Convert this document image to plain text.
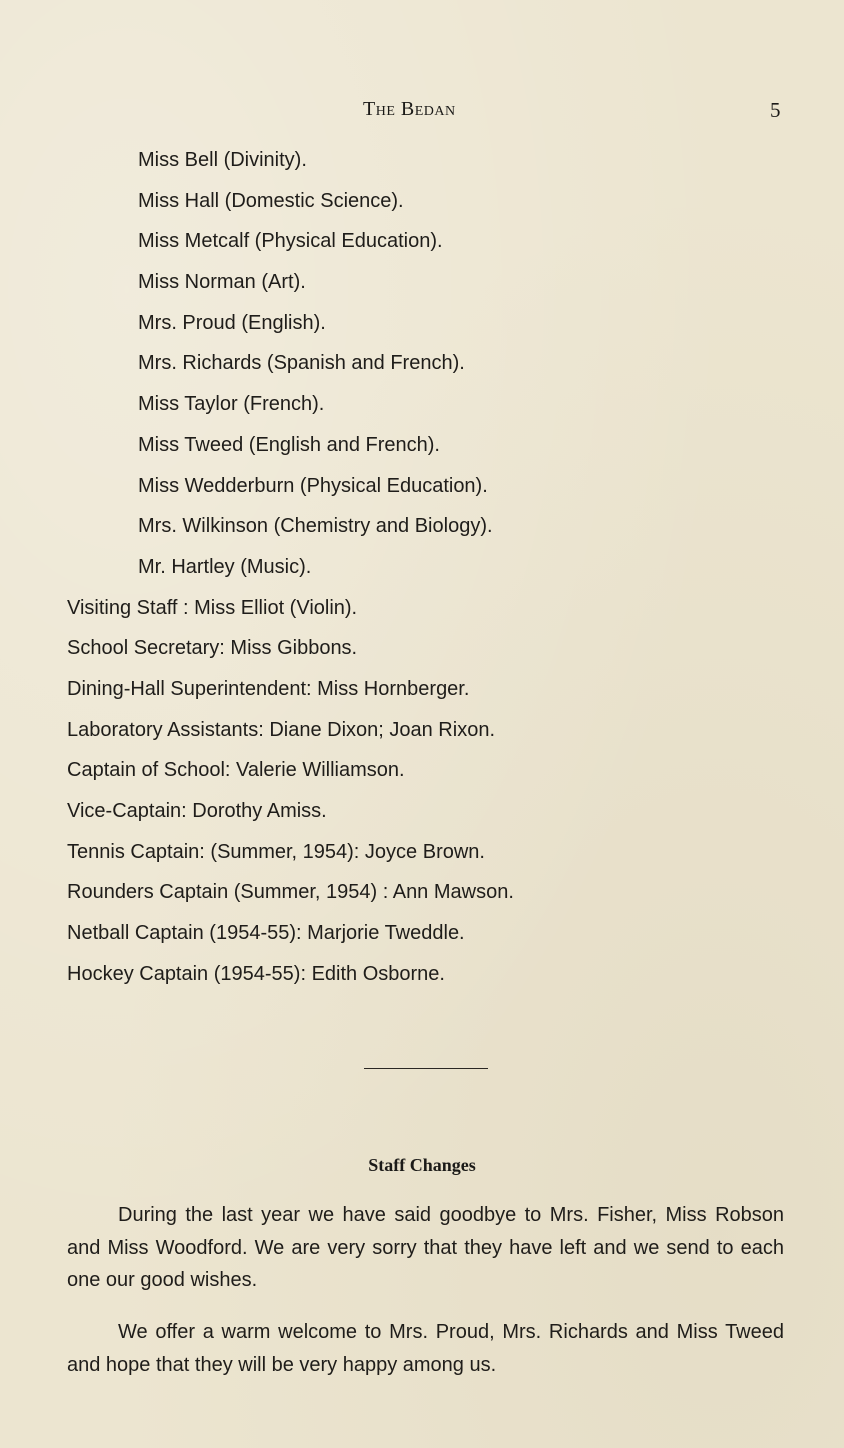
The Bedan	5
Miss Bell (Divinity).
Miss Hall (Domestic Science).
Miss Metcalf (Physical Education).
Miss Norman (Art).
Mrs. Proud (English).
Mrs. Richards (Spanish and French).
Miss Taylor (French).
Miss Tweed (English and French).
Miss Wedderburn (Physical Education).
Mrs. Wilkinson (Chemistry and Biology).
Mr. Hartley (Music).
Visiting Staff : Miss Elliot (Violin).
School Secretary: Miss Gibbons.
Dining-Hall Superintendent: Miss Hornberger.
Laboratory Assistants: Diane Dixon; Joan Rixon.
Captain of School: Valerie Williamson.
Vice-Captain: Dorothy Amiss.
Tennis Captain: (Summer, 1954): Joyce Brown.
Rounders Captain (Summer, 1954) : Ann Mawson.
Netball Captain (1954-55): Marjorie Tweddle.
Hockey Captain (1954-55): Edith Osborne.
Staff Changes

During the last year we have said goodbye to Mrs. Fisher, Miss Robson and Miss Woodford. We are very sorry that they have left and we send to each one our good wishes.

We offer a warm welcome to Mrs. Proud, Mrs. Richards and Miss Tweed and hope that they will be very happy among us.
